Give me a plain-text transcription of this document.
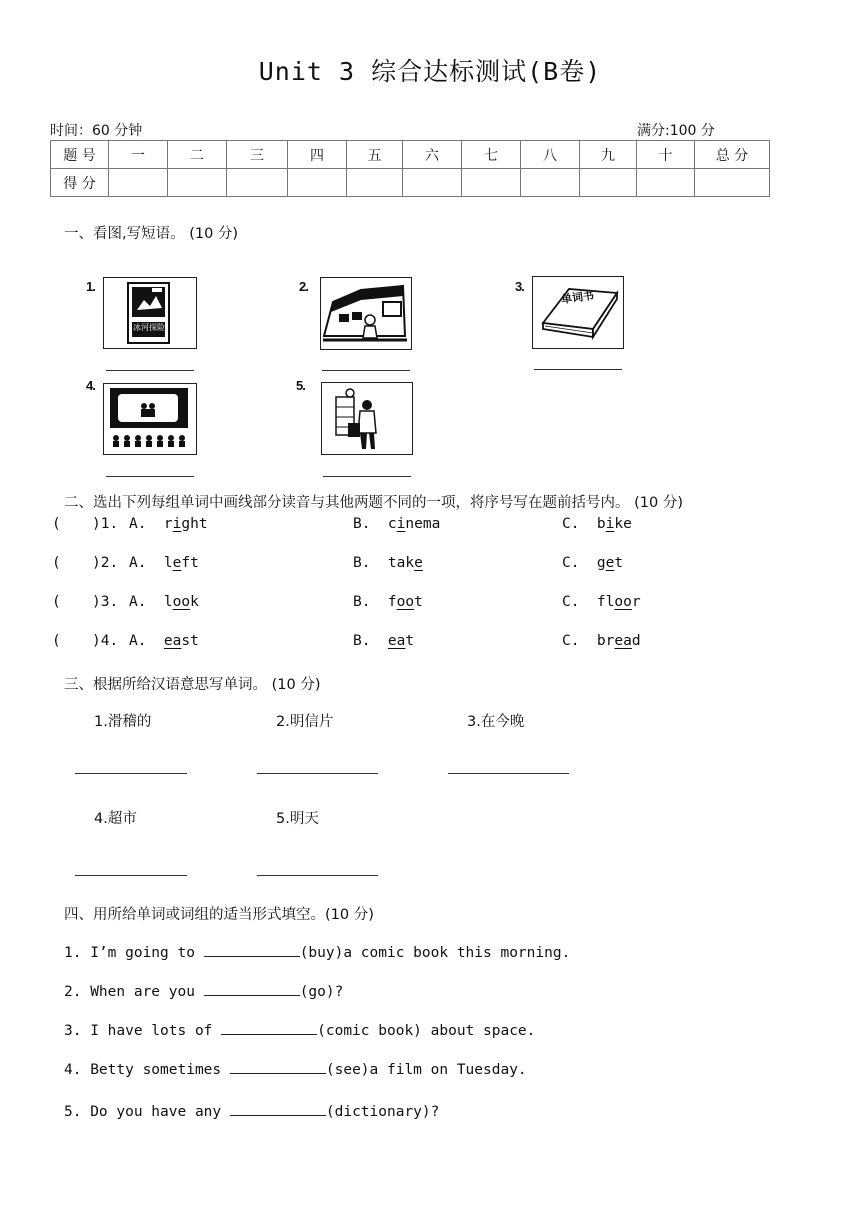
Unit 3 综合达标测试(B卷)
时间：60 分钟	满分:100 分
题 号	一	二	三	四	五	六	七	八	九	十	总 分
得 分											
一、看图,写短语。 (10 分)
1.
冰河探险
2.	3.
单词书
4.	5.
二、选出下列每组单词中画线部分读音与其他两题不同的一项，将序号写在题前括号内。 (10 分)
( )1. A.  right	B.  cinema	C.  bike
( )2. A.  left	B.  take	C.  get
( )3. A.  look	B.  foot	C.  floor
( )4. A.  east	B.  eat	C.  bread
三、根据所给汉语意思写单词。 (10 分)
1.滑稽的	2.明信片	3.在今晚
4.超市	5.明天
四、用所给单词或词组的适当形式填空。(10 分)
1. I’m going to	(buy)a comic book this morning.
2. When are you	(go)?
3. I have lots of	(comic book) about space.
4. Betty sometimes	(see)a film on Tuesday.
5. Do you have any	(dictionary)?
